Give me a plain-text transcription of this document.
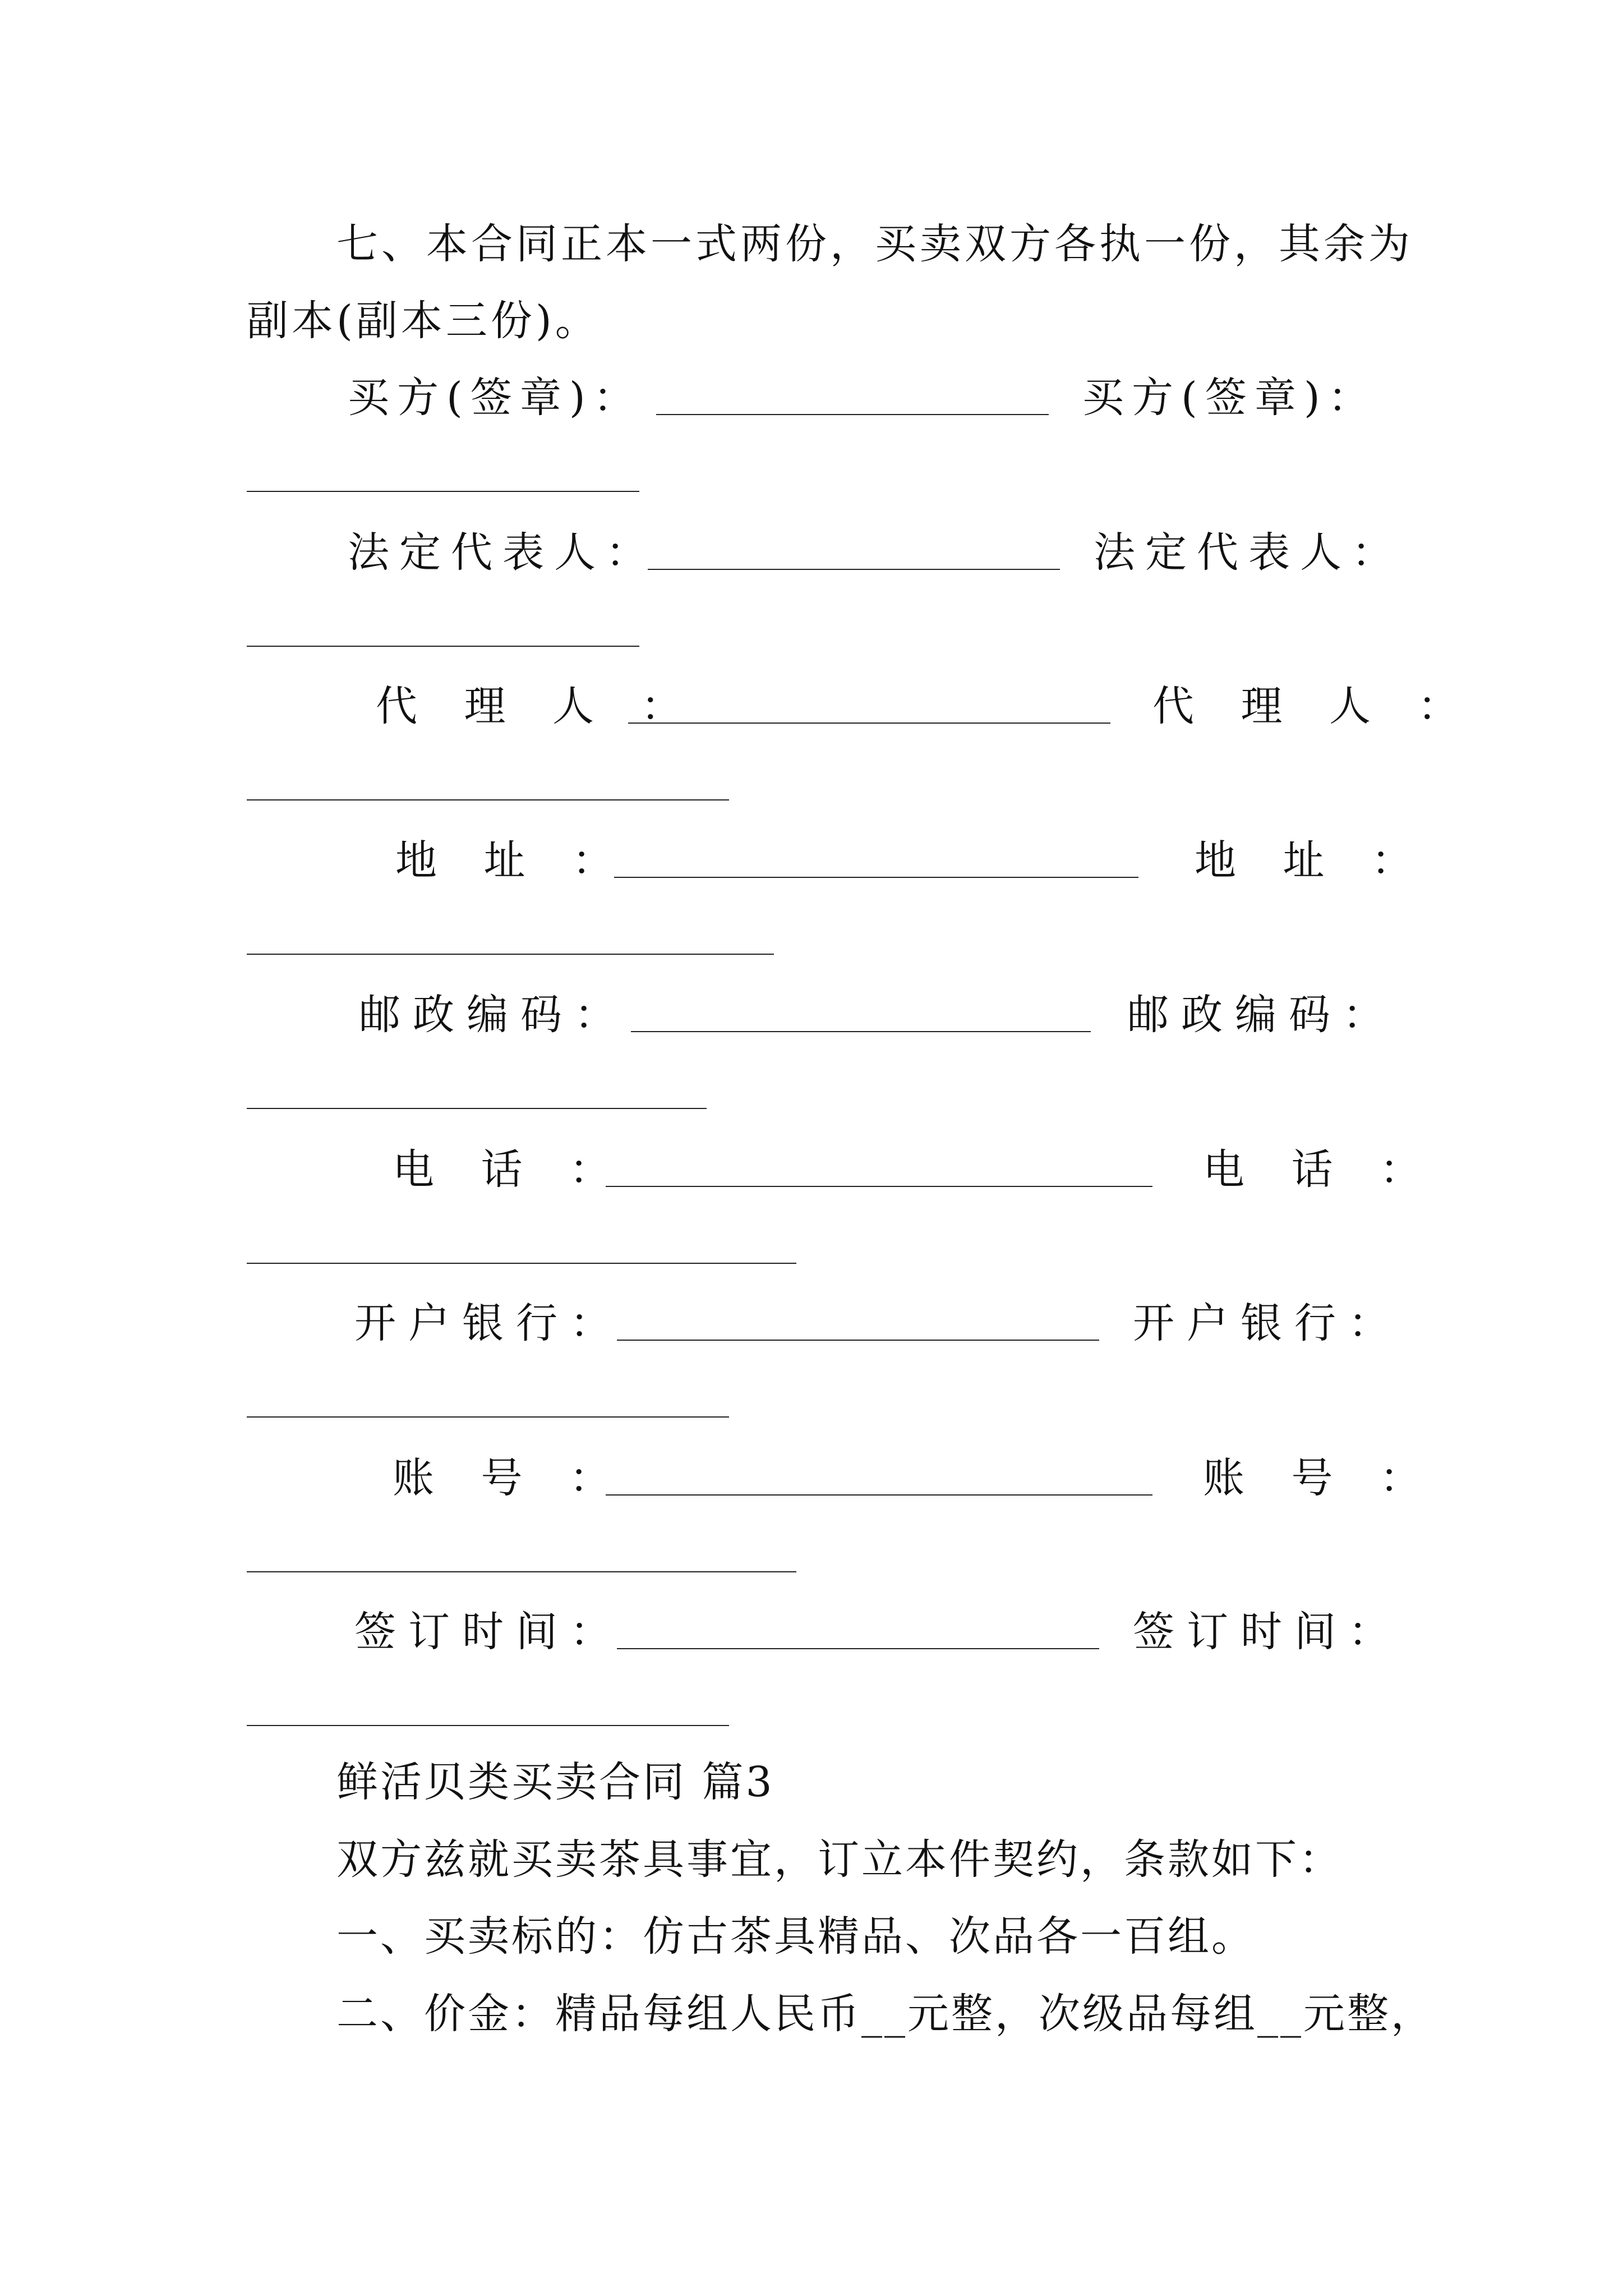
七、本合同正本一式两份，买卖双方各执一份，其余为
副本(副本三份)。
买方(签章)：	买方(签章)：
法定代表人：	法定代表人：
代 理 人 ：	代 理 人 ：
地 址 ：	地 址 ：
邮政编码：	邮政编码：
电 话 ：	电 话 ：
开户银行：	开户银行：
账 号 ：	账 号 ：
签订时间：	签订时间：
鲜活贝类买卖合同 篇3
双方兹就买卖茶具事宜，订立本件契约，条款如下：
一、买卖标的：仿古茶具精品、次品各一百组。
二、价金：精品每组人民币__元整，次级品每组__元整，
